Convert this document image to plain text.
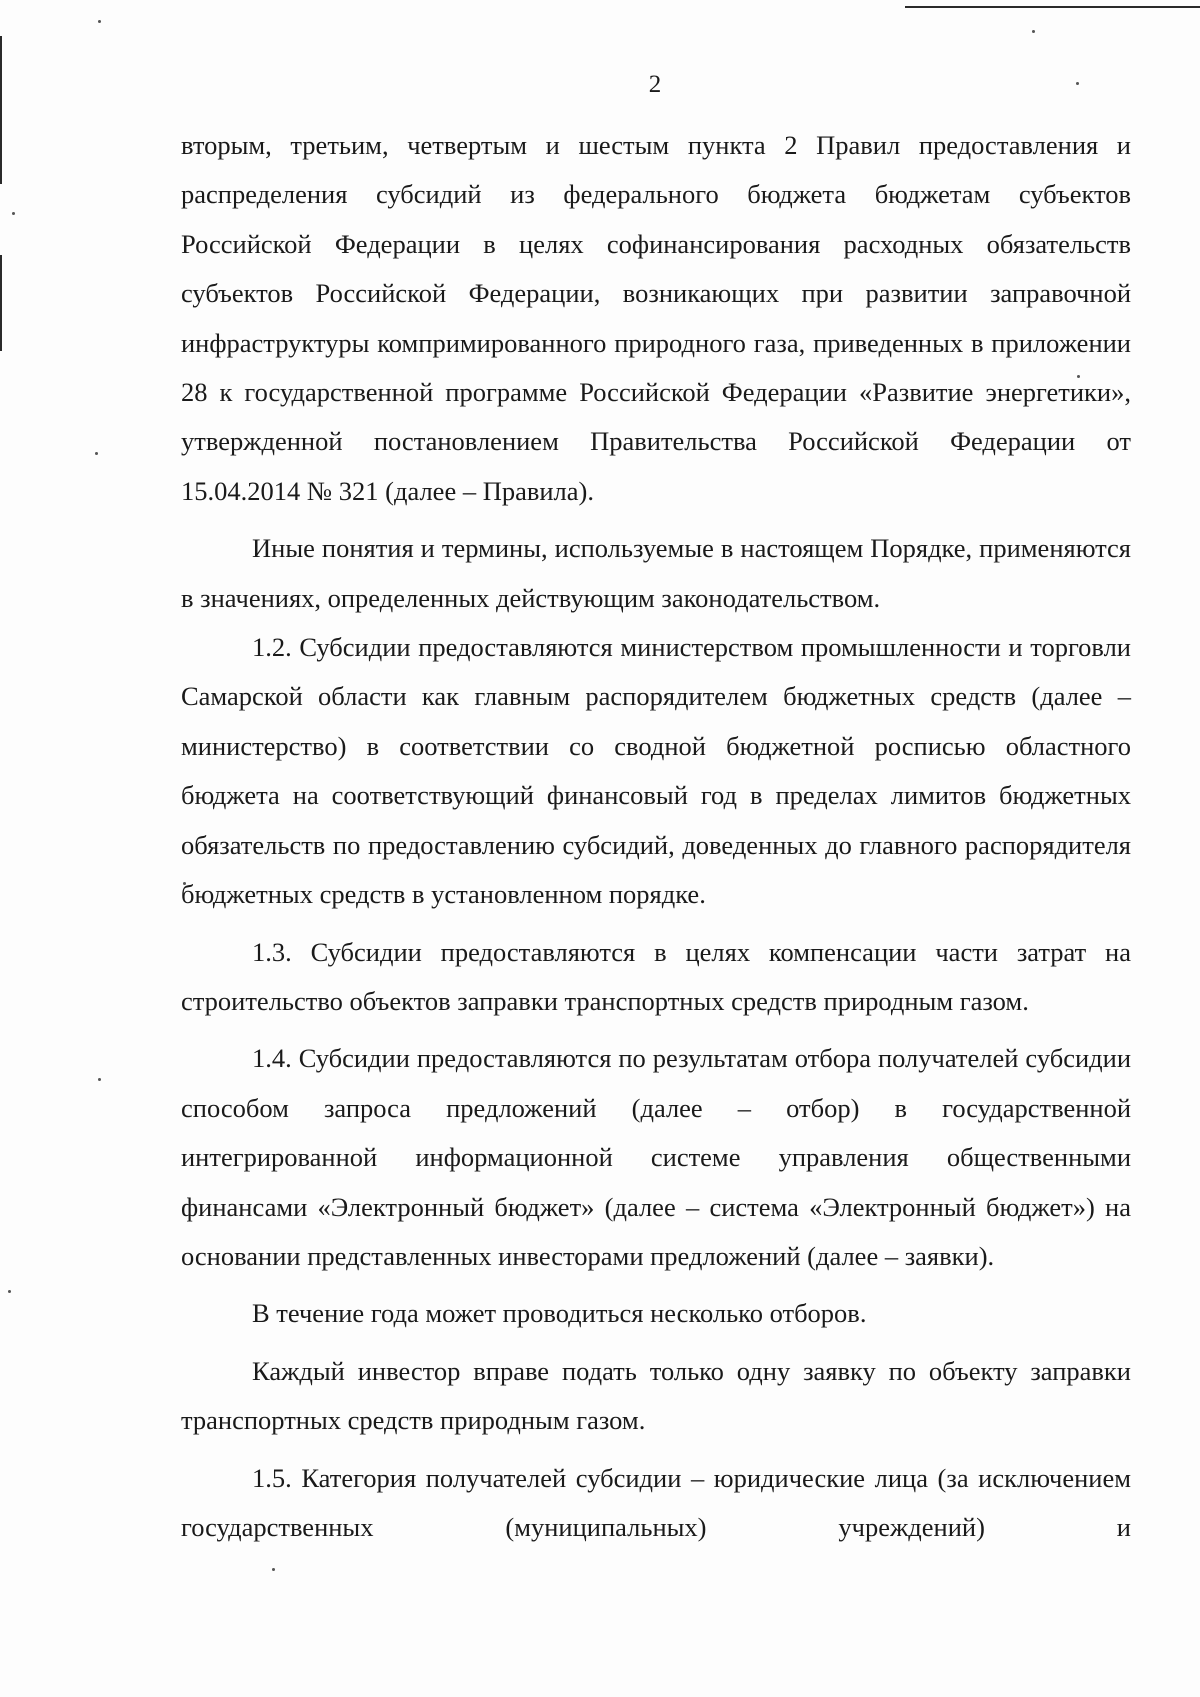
2

вторым, третьим, четвертым и шестым пункта 2 Правил предоставления и распределения субсидий из федерального бюджета бюджетам субъектов Российской Федерации в целях софинансирования расходных обязательств субъектов Российской Федерации, возникающих при развитии заправочной инфраструктуры компримированного природного газа, приведенных в приложении 28 к государственной программе Российской Федерации «Развитие энергетики», утвержденной постановлением Правительства Российской Федерации от 15.04.2014 № 321 (далее – Правила).

Иные понятия и термины, используемые в настоящем Порядке, применяются в значениях, определенных действующим законодательством.

1.2. Субсидии предоставляются министерством промышленности и торговли Самарской области как главным распорядителем бюджетных средств (далее – министерство) в соответствии со сводной бюджетной росписью областного бюджета на соответствующий финансовый год в пределах лимитов бюджетных обязательств по предоставлению субсидий, доведенных до главного распорядителя бюджетных средств в установленном порядке.

1.3. Субсидии предоставляются в целях компенсации части затрат на строительство объектов заправки транспортных средств природным газом.

1.4. Субсидии предоставляются по результатам отбора получателей субсидии способом запроса предложений (далее – отбор) в государственной интегрированной информационной системе управления общественными финансами «Электронный бюджет» (далее – система «Электронный бюджет») на основании представленных инвесторами предложений (далее – заявки).

В течение года может проводиться несколько отборов.

Каждый инвестор вправе подать только одну заявку по объекту заправки транспортных средств природным газом.

1.5. Категория получателей субсидии – юридические лица (за исключением государственных (муниципальных) учреждений) и
